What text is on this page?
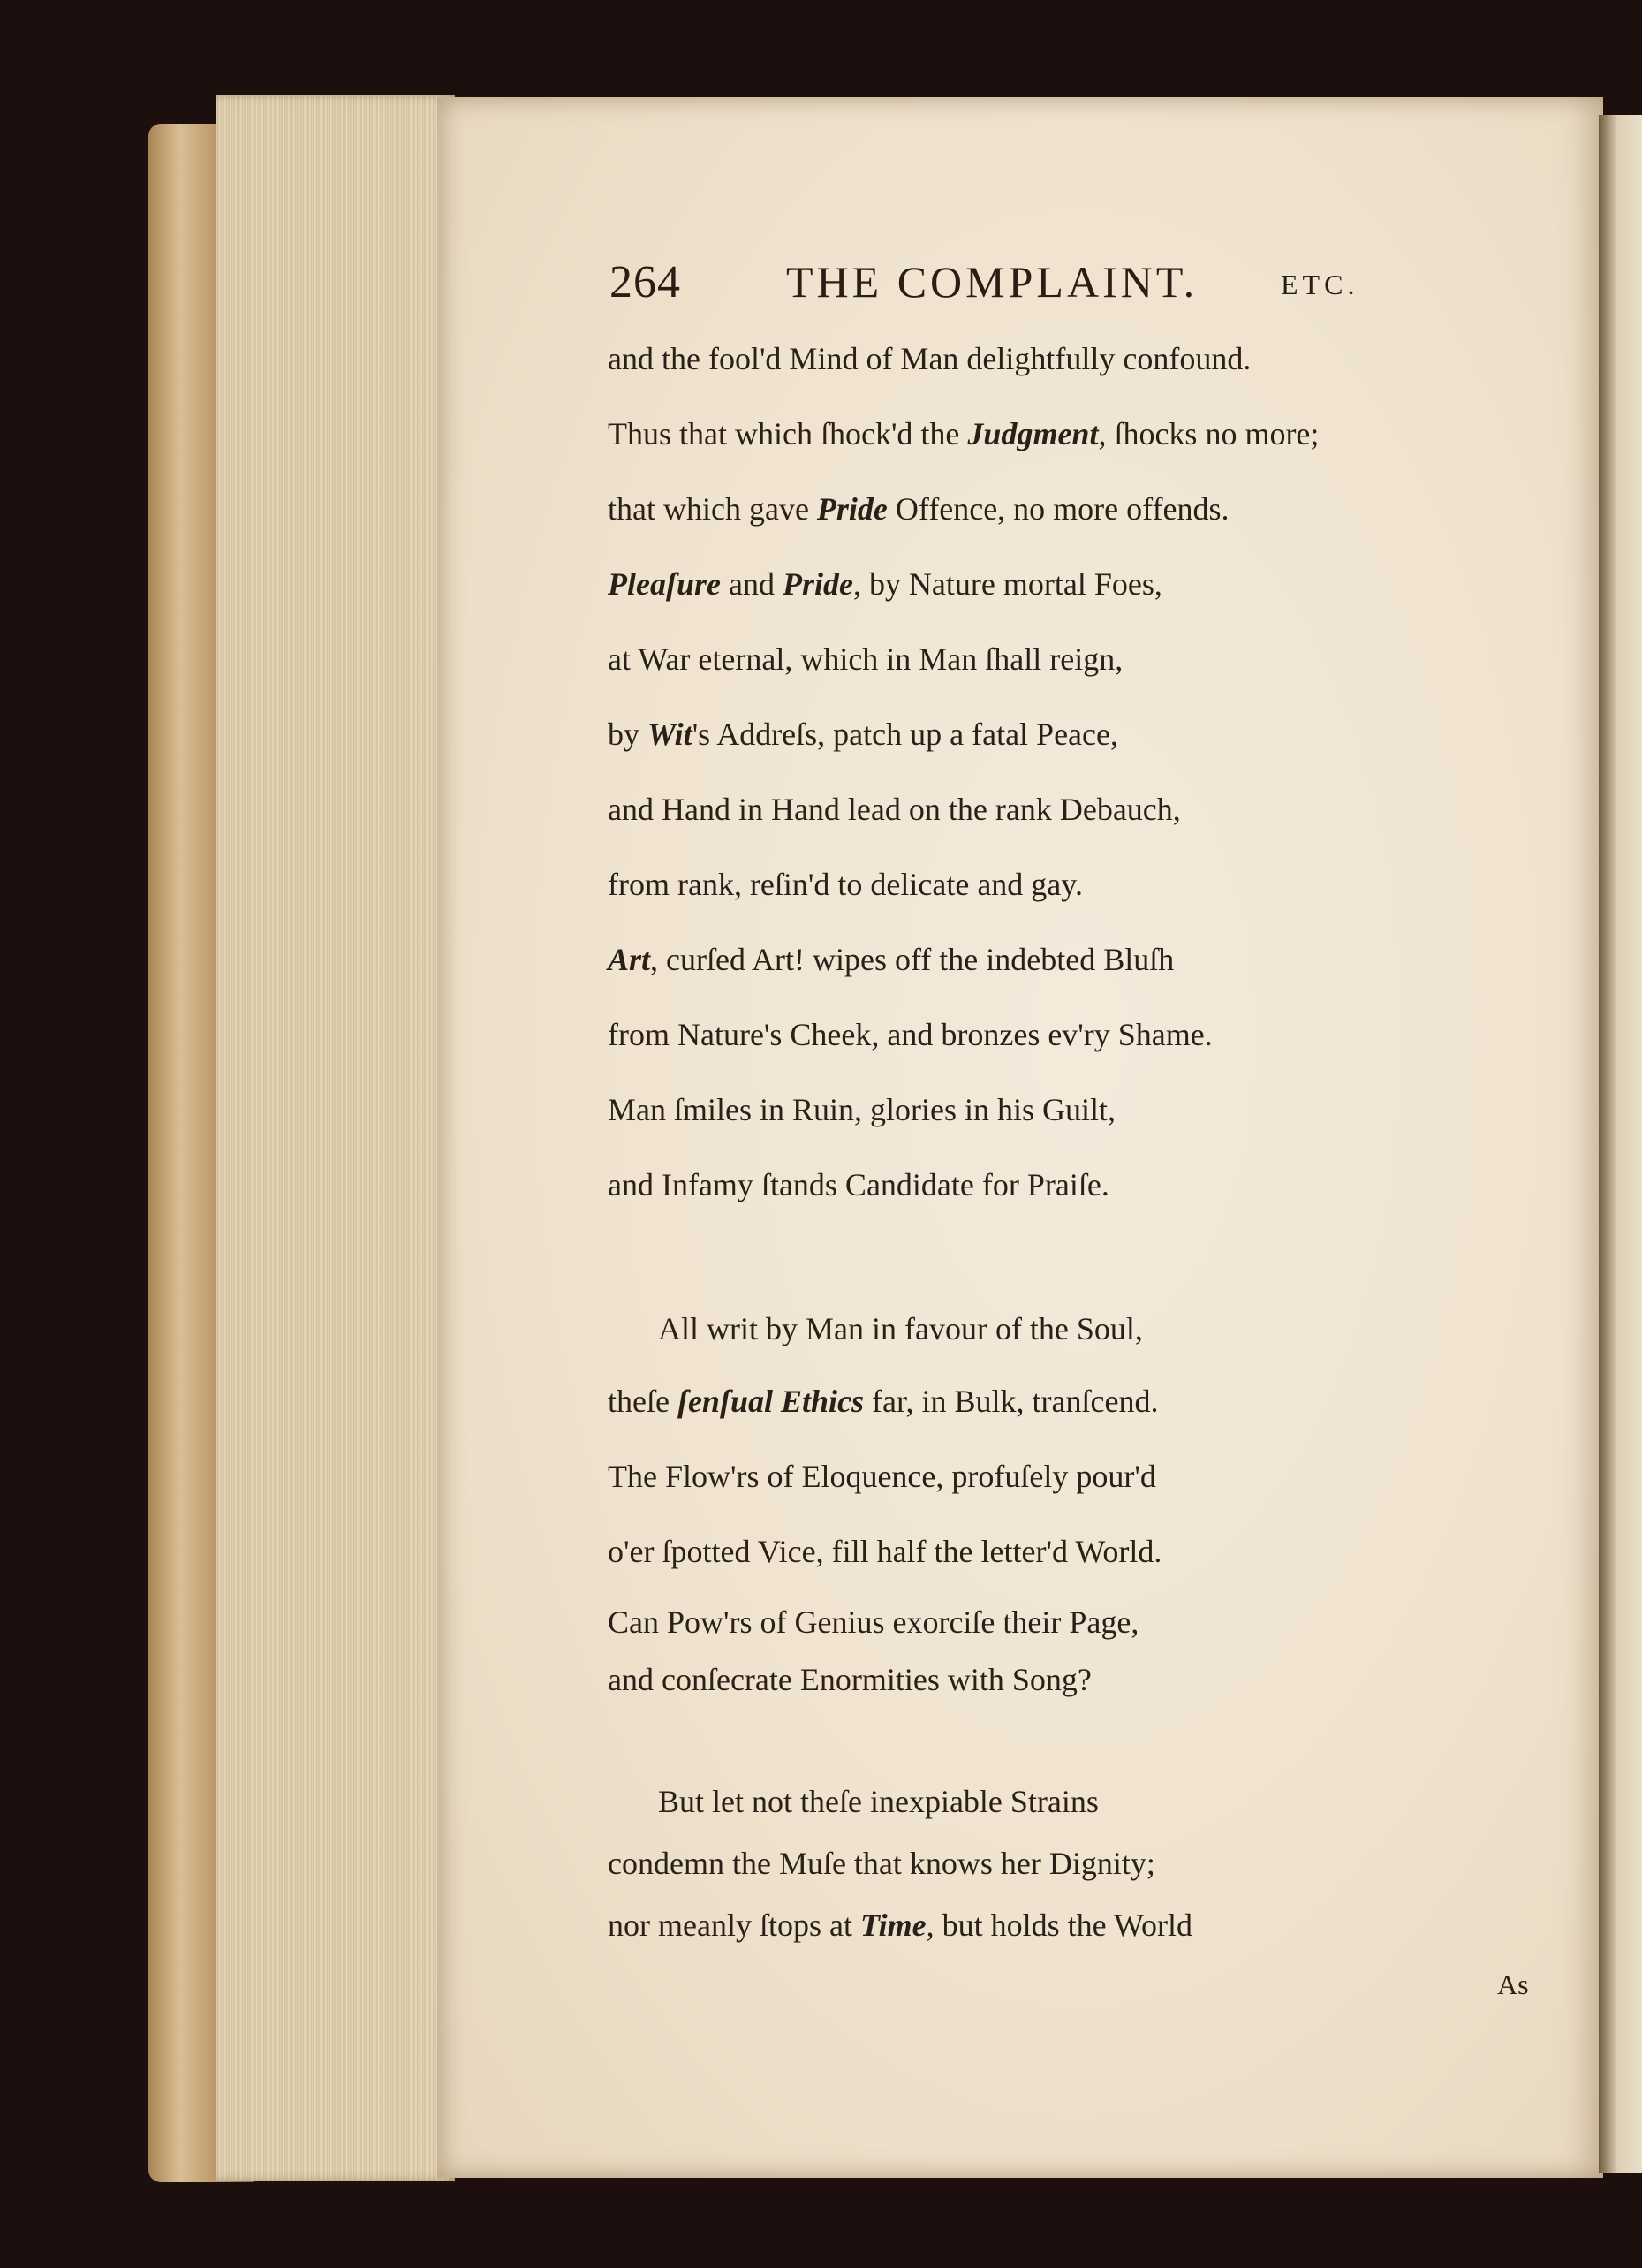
264 THE COMPLAINT.	ETC.
and the fool'd Mind of Man delightfully confound.
Thus that which ſhock'd the Judgment, ſhocks no more;
that which gave Pride Offence, no more offends.
Pleaſure and Pride, by Nature mortal Foes,
at War eternal, which in Man ſhall reign,
by Wit's Addreſs, patch up a fatal Peace,
and Hand in Hand lead on the rank Debauch,
from rank, reſin'd to delicate and gay.
Art, curſed Art! wipes off the indebted Bluſh
from Nature's Cheek, and bronzes ev'ry Shame.
Man ſmiles in Ruin, glories in his Guilt,
and Infamy ſtands Candidate for Praiſe.
All writ by Man in favour of the Soul,
theſe ſenſual Ethics far, in Bulk, tranſcend.
The Flow'rs of Eloquence, profuſely pour'd
o'er ſpotted Vice, fill half the letter'd World.
Can Pow'rs of Genius exorciſe their Page,
and conſecrate Enormities with Song?
But let not theſe inexpiable Strains
condemn the Muſe that knows her Dignity;
nor meanly ſtops at Time, but holds the World
As
